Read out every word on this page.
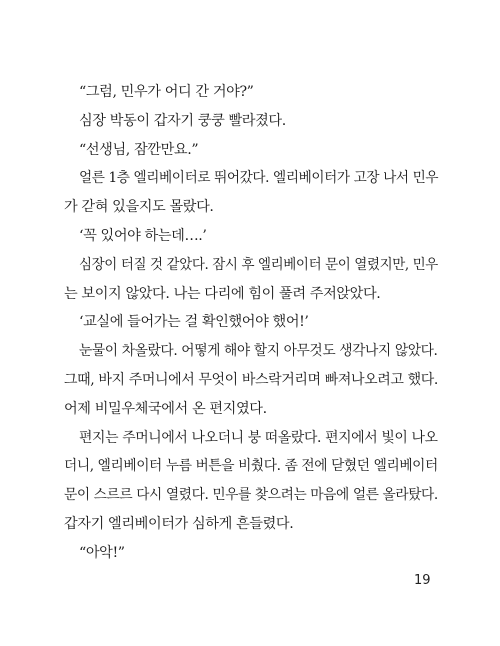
“그럼, 민우가 어디 간 거야?”
심장 박동이 갑자기 쿵쿵 빨라졌다.
“선생님, 잠깐만요.”
얼른 1층 엘리베이터로 뛰어갔다. 엘리베이터가 고장 나서 민우
가 갇혀 있을지도 몰랐다.
‘꼭 있어야 하는데….’
심장이 터질 것 같았다. 잠시 후 엘리베이터 문이 열렸지만, 민우
는 보이지 않았다. 나는 다리에 힘이 풀려 주저앉았다.
‘교실에 들어가는 걸 확인했어야 했어!’
눈물이 차올랐다. 어떻게 해야 할지 아무것도 생각나지 않았다.
그때, 바지 주머니에서 무엇이 바스락거리며 빠져나오려고 했다.
어제 비밀우체국에서 온 편지였다.
편지는 주머니에서 나오더니 붕 떠올랐다. 편지에서 빛이 나오
더니, 엘리베이터 누름 버튼을 비췄다. 좀 전에 닫혔던 엘리베이터
문이 스르르 다시 열렸다. 민우를 찾으려는 마음에 얼른 올라탔다.
갑자기 엘리베이터가 심하게 흔들렸다.
“아악!”
19
